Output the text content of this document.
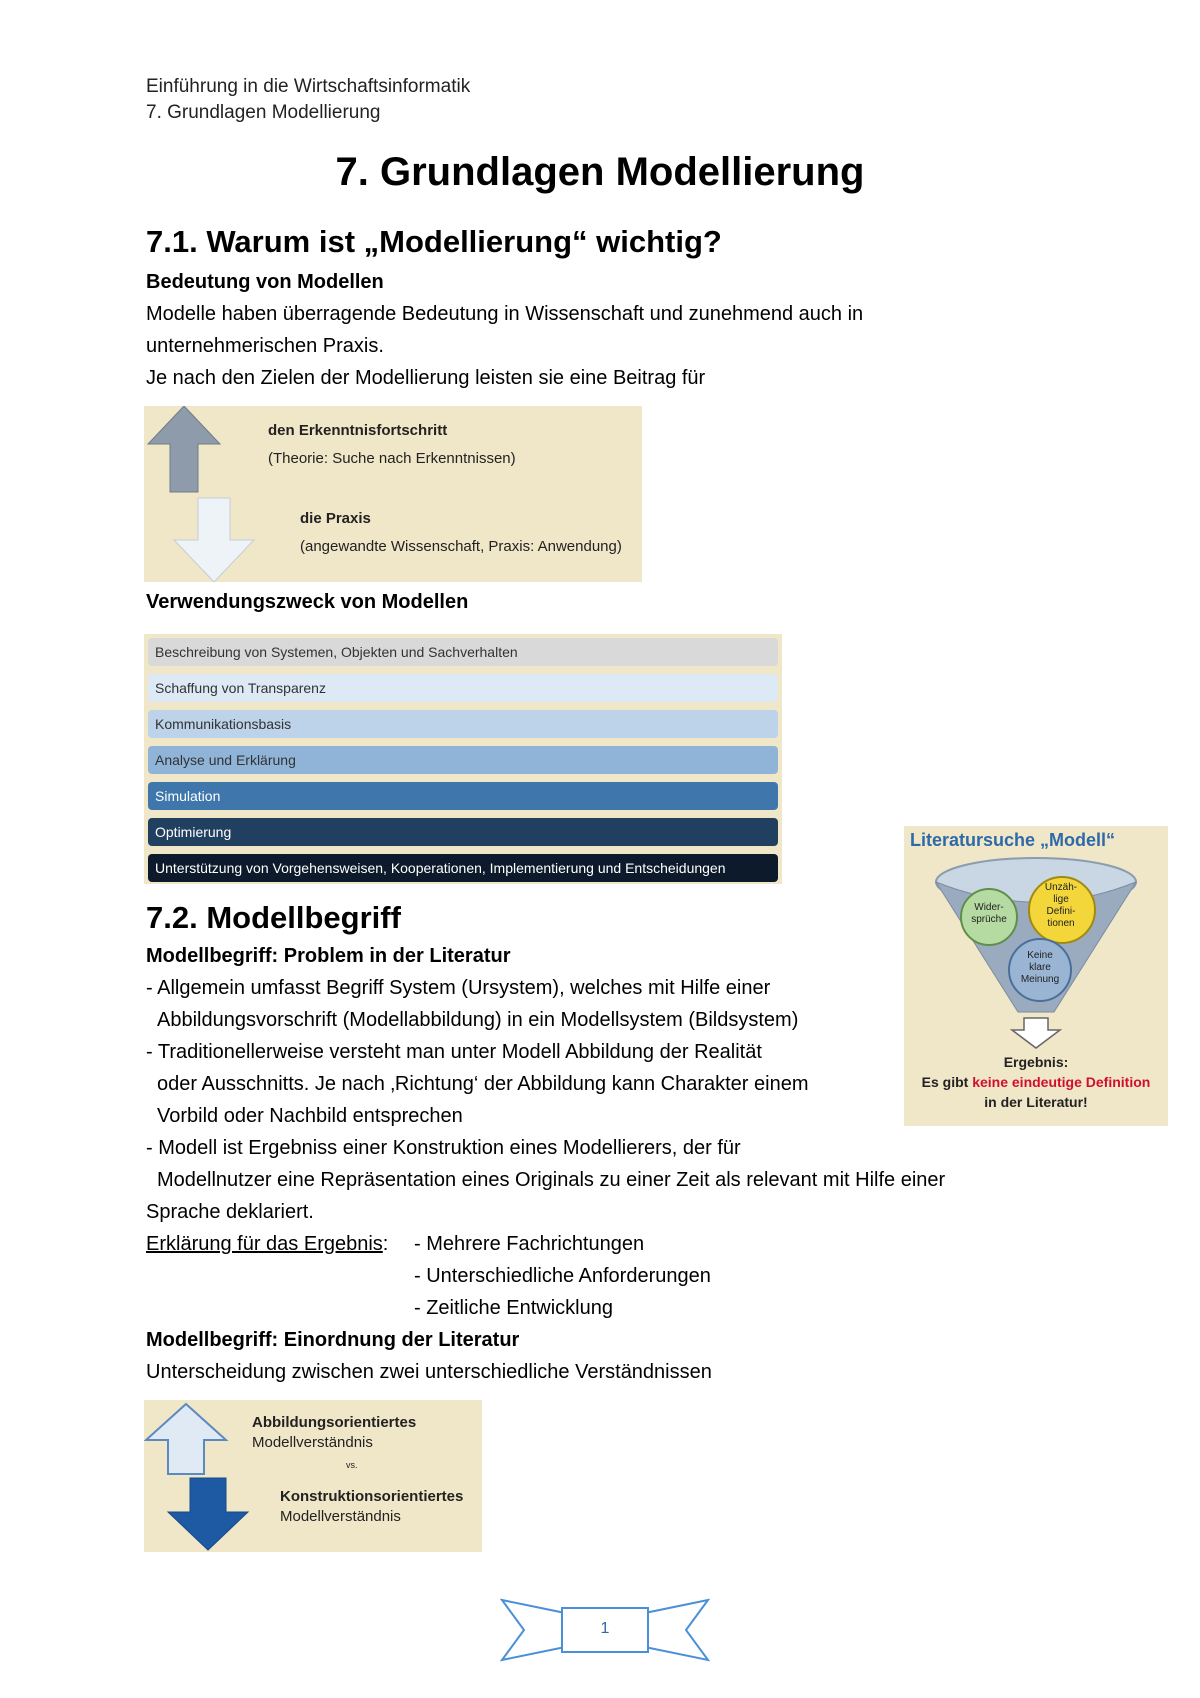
Einführung in die Wirtschaftsinformatik
7. Grundlagen Modellierung
7. Grundlagen Modellierung
7.1. Warum ist „Modellierung“ wichtig?
Bedeutung von Modellen
Modelle haben überragende Bedeutung in Wissenschaft und zunehmend auch in
unternehmerischen Praxis.
Je nach den Zielen der Modellierung leisten sie eine Beitrag für
den Erkenntnisfortschritt
(Theorie: Suche nach Erkenntnissen)
die Praxis
(angewandte Wissenschaft, Praxis: Anwendung)
Verwendungszweck von Modellen
Beschreibung von Systemen, Objekten und Sachverhalten
Schaffung von Transparenz
Kommunikationsbasis
Analyse und Erklärung
Simulation
Optimierung
Unterstützung von Vorgehensweisen, Kooperationen, Implementierung und Entscheidungen
Literatursuche „Modell“
Wider-
sprüche
Unzäh-
lige
Defini-
tionen
Keine
klare
Meinung
Ergebnis:
Es gibt keine eindeutige Definition
in der Literatur!
7.2. Modellbegriff
Modellbegriff: Problem in der Literatur
- Allgemein umfasst Begriff System (Ursystem), welches mit Hilfe einer
Abbildungsvorschrift (Modellabbildung) in ein Modellsystem (Bildsystem)
- Traditionellerweise versteht man unter Modell Abbildung der Realität
oder Ausschnitts. Je nach ‚Richtung‘ der Abbildung kann Charakter einem
Vorbild oder Nachbild entsprechen
- Modell ist Ergebniss einer Konstruktion eines Modellierers, der für
Modellnutzer eine Repräsentation eines Originals zu einer Zeit als relevant mit Hilfe einer
Sprache deklariert.
Erklärung für das Ergebnis: - Mehrere Fachrichtungen
- Unterschiedliche Anforderungen
- Zeitliche Entwicklung
Modellbegriff: Einordnung der Literatur
Unterscheidung zwischen zwei unterschiedliche Verständnissen
Abbildungsorientiertes
Modellverständnis
vs.
Konstruktionsorientiertes
Modellverständnis
1
